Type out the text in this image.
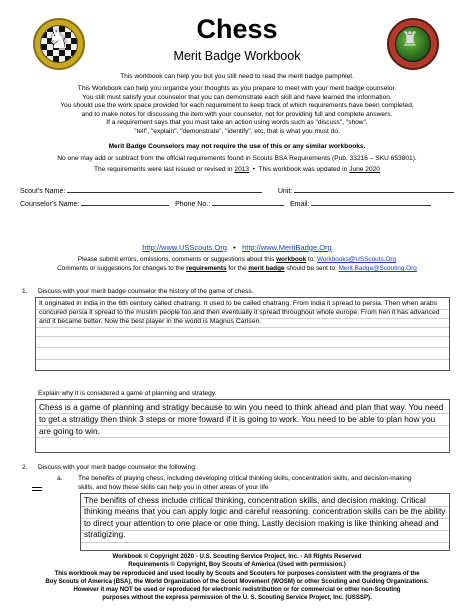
♞	♜
Chess
Merit Badge Workbook
This workbook can help you but you still need to read the merit badge pamphlet.
This Workbook can help you organize your thoughts as you prepare to meet with your merit badge counselor.
You still must satisfy your counselor that you can demonstrate each skill and have learned the information.
You should use the work space provided for each requirement to keep track of which requirements have been completed,
and to make notes for discussing the item with your counselor, not for providing full and complete answers.
If a requirement says that you must take an action using words such as "discuss", "show",
"tell", "explain", "demonstrate", "identify", etc, that is what you must do.
Merit Badge Counselors may not require the use of this or any similar workbooks.
No one may add or subtract from the official requirements found in Scouts BSA Requirements (Pub. 33216 – SKU 653801).
The requirements were last issued or revised in 2013 • This workbook was updated in June 2020
Scout's Name:	Unit:
Counselor's Name:	Phone No.:	Email:
http://www.USScouts.Org • http://www.MeritBadge.Org
Please submit errors, omissions, comments or suggestions about this workbook to: Workbooks@USScouts.Org
Comments or suggestions for changes to the requirements for the merit badge should be sent to: Merit.Badge@Scouting.Org
1. Discuss with your merit badge counselor the history of the game of chess.
It originated in india in the 6th century called chatrang. It used to be called chatrang. From india it spread to persia. Then when arabs concured persia it spread to the muslim people too.and then eventually it spread throughout whole europe. From hen it has advanced and it became better. Now the best player in the world is Magnus Carlsen.
Explain why it is considered a game of planning and strategy.
Chess is a game of planning and stratigy because to win you need to think ahead and plan that way. You need to get a strratigy then think 3 steps or more foward if it is going to work. You need to be able to plan how you are going to win.
2. Discuss with your merit badge counselor the following:
a. The benefits of playing chess, including developing critical thinking skills, concentration skills, and decision-making
skills, and how these skills can help you in other areas of your life
The benifits of chess include critical thinking, concentration skills, and decision making. Critical thinking means that you can apply logic and careful reasoning. concentration skills can be the ability to direct your attention to one place or one thing. Lastly decision making is like thinking ahead and stratigizing.
Workbook © Copyright 2020 - U.S. Scouting Service Project, Inc. - All Rights Reserved
Requirements © Copyright, Boy Scouts of America (Used with permission.)
This workbook may be reproduced and used locally by Scouts and Scouters for purposes consistent with the programs of the
Boy Scouts of America (BSA), the World Organization of the Scout Movement (WOSM) or other Scouting and Guiding Organizations.
However it may NOT be used or reproduced for electronic redistribution or for commercial or other non-Scouting
purposes without the express permission of the U. S. Scouting Service Project, Inc. (USSSP).
